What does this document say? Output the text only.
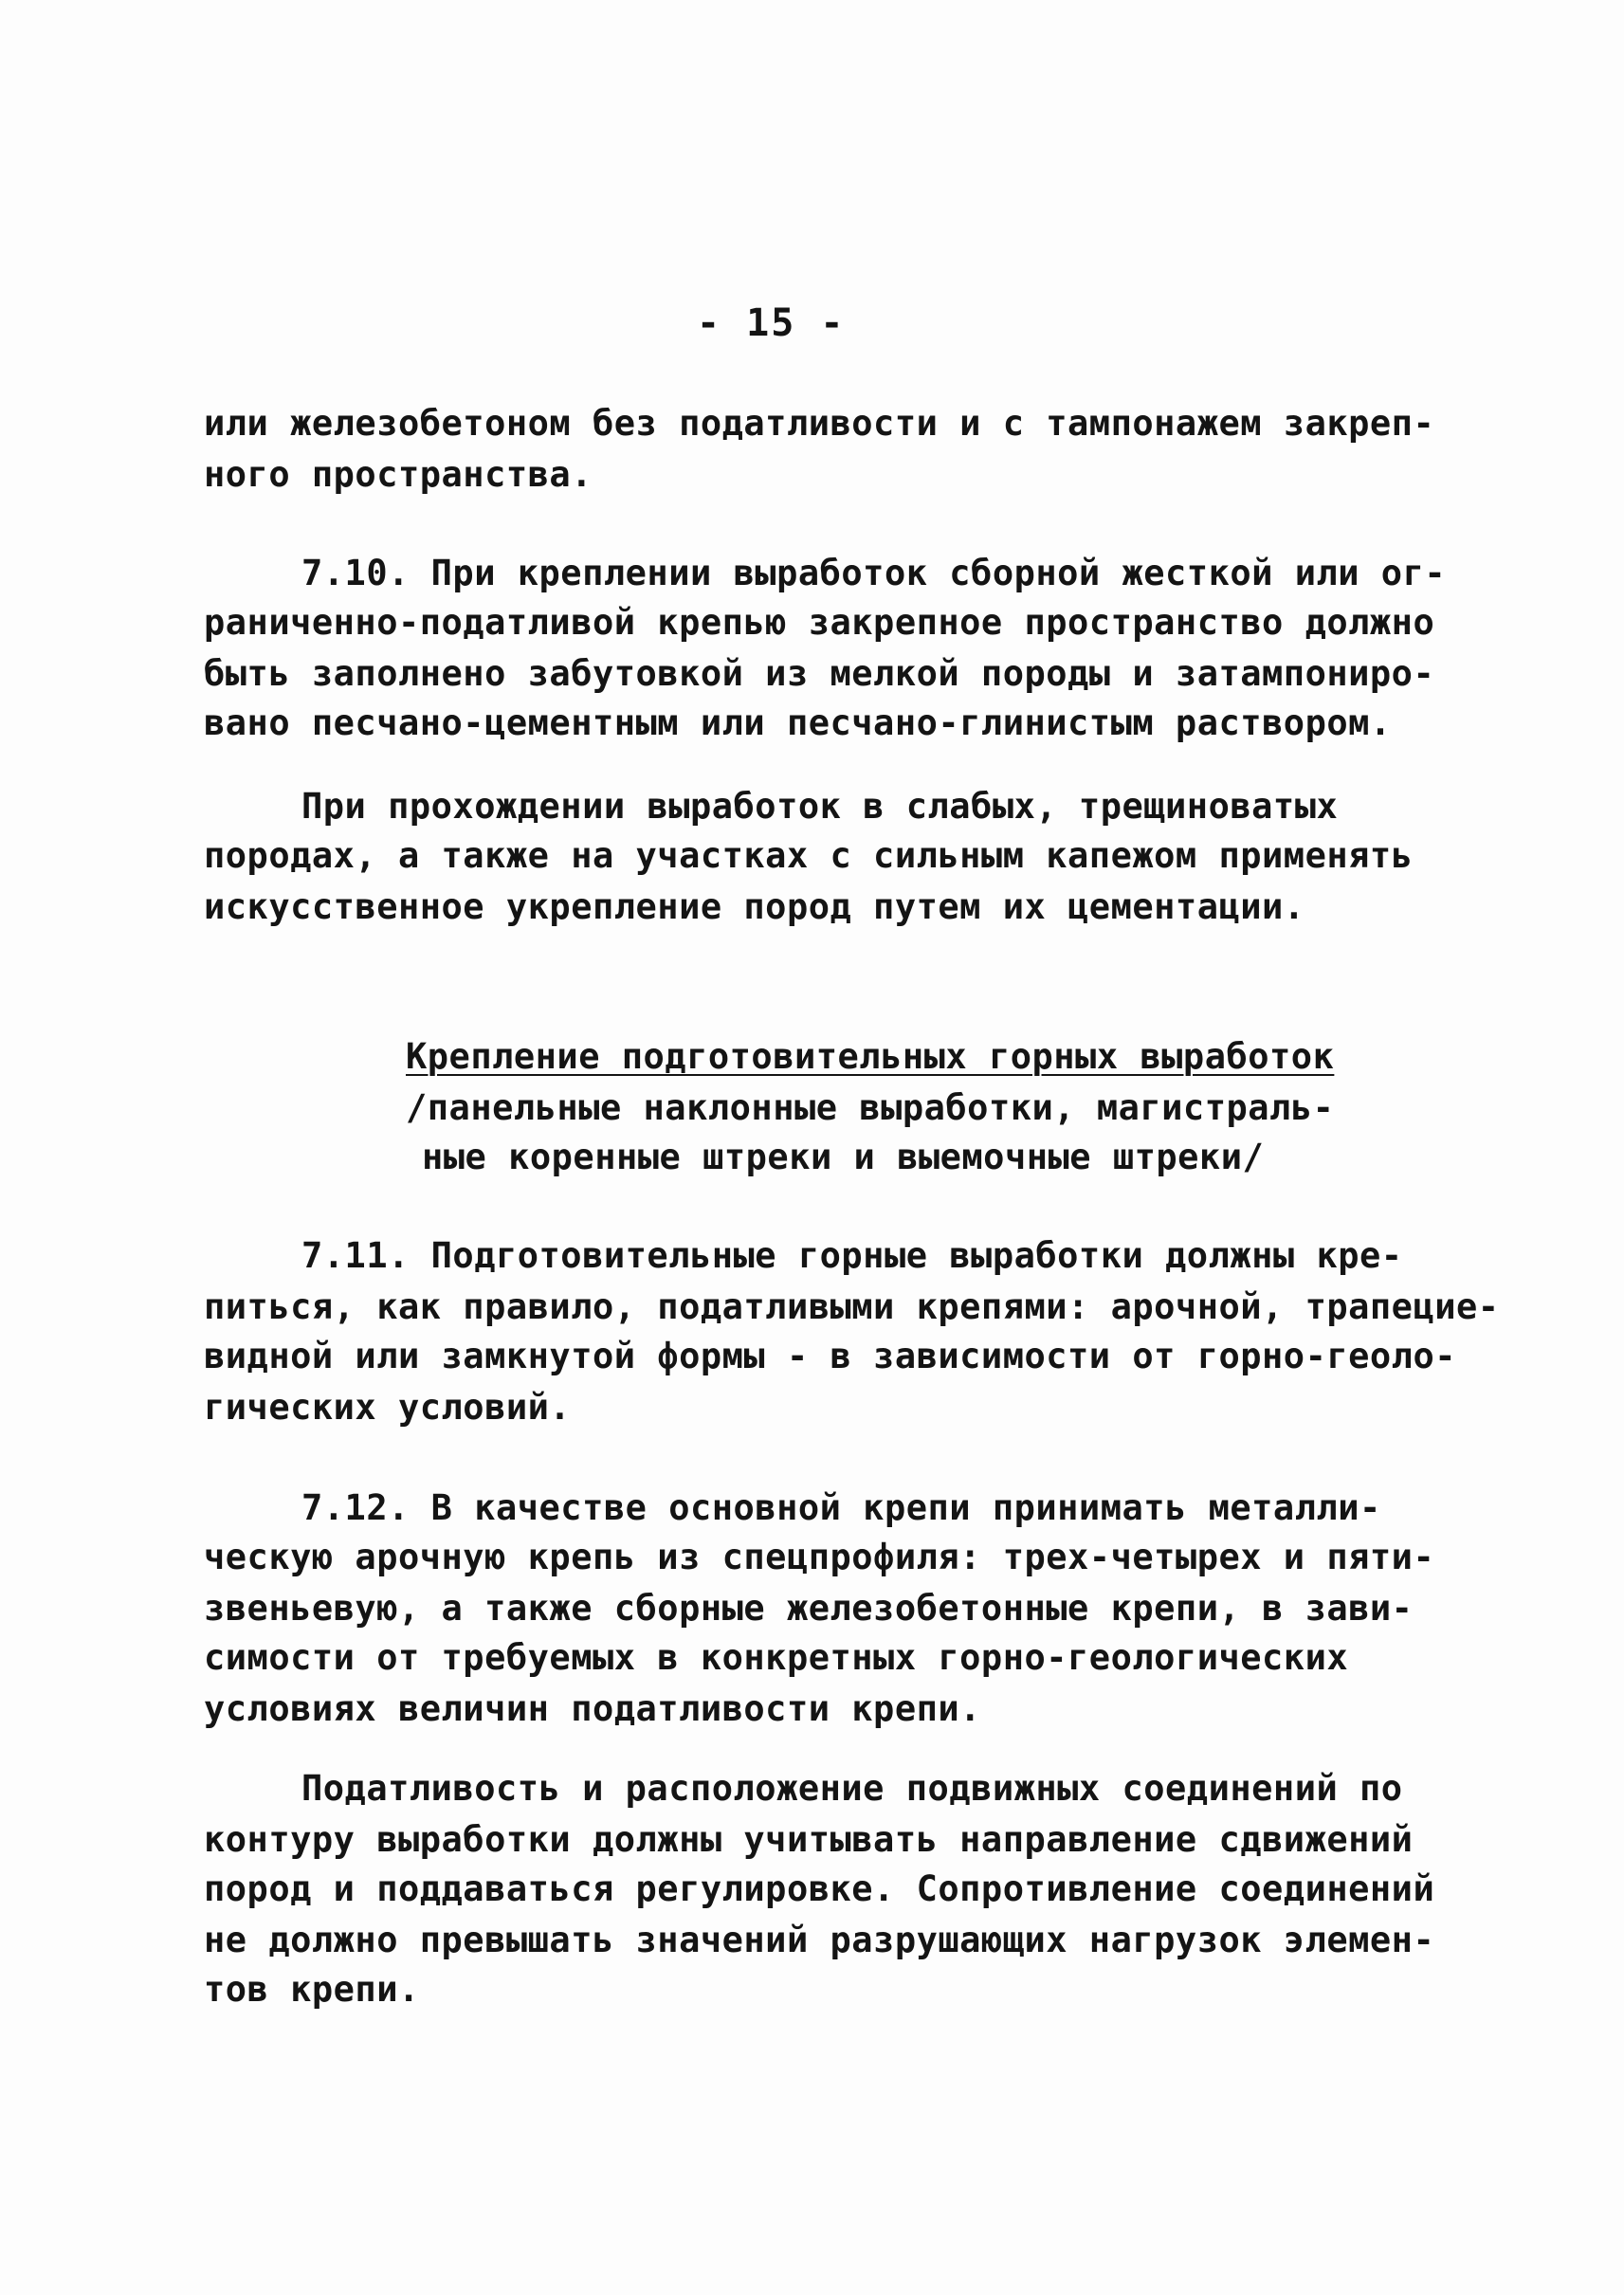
- 15 -
или железобетоном без податливости и с тампонажем закреп-
ного пространства.
7.10. При креплении выработок сборной жесткой или ог-
раниченно-податливой крепью закрепное пространство должно
быть заполнено забутовкой из мелкой породы и затампониро-
вано песчано-цементным или песчано-глинистым раствором.
При прохождении выработок в слабых, трещиноватых
породах, а также на участках с сильным капежом применять
искусственное укрепление пород путем их цементации.
Крепление подготовительных горных выработок
/панельные наклонные выработки, магистраль-
ные коренные штреки и выемочные штреки/
7.11. Подготовительные горные выработки должны кре-
питься, как правило, податливыми крепями: арочной, трапецие-
видной или замкнутой формы - в зависимости от горно-геоло-
гических условий.
7.12. В качестве основной крепи принимать металли-
ческую арочную крепь из спецпрофиля: трех-четырех и пяти-
звеньевую, а также сборные железобетонные крепи, в зави-
симости от требуемых в конкретных горно-геологических
условиях величин податливости крепи.
Податливость и расположение подвижных соединений по
контуру выработки должны учитывать направление сдвижений
пород и поддаваться регулировке. Сопротивление соединений
не должно превышать значений разрушающих нагрузок элемен-
тов крепи.
